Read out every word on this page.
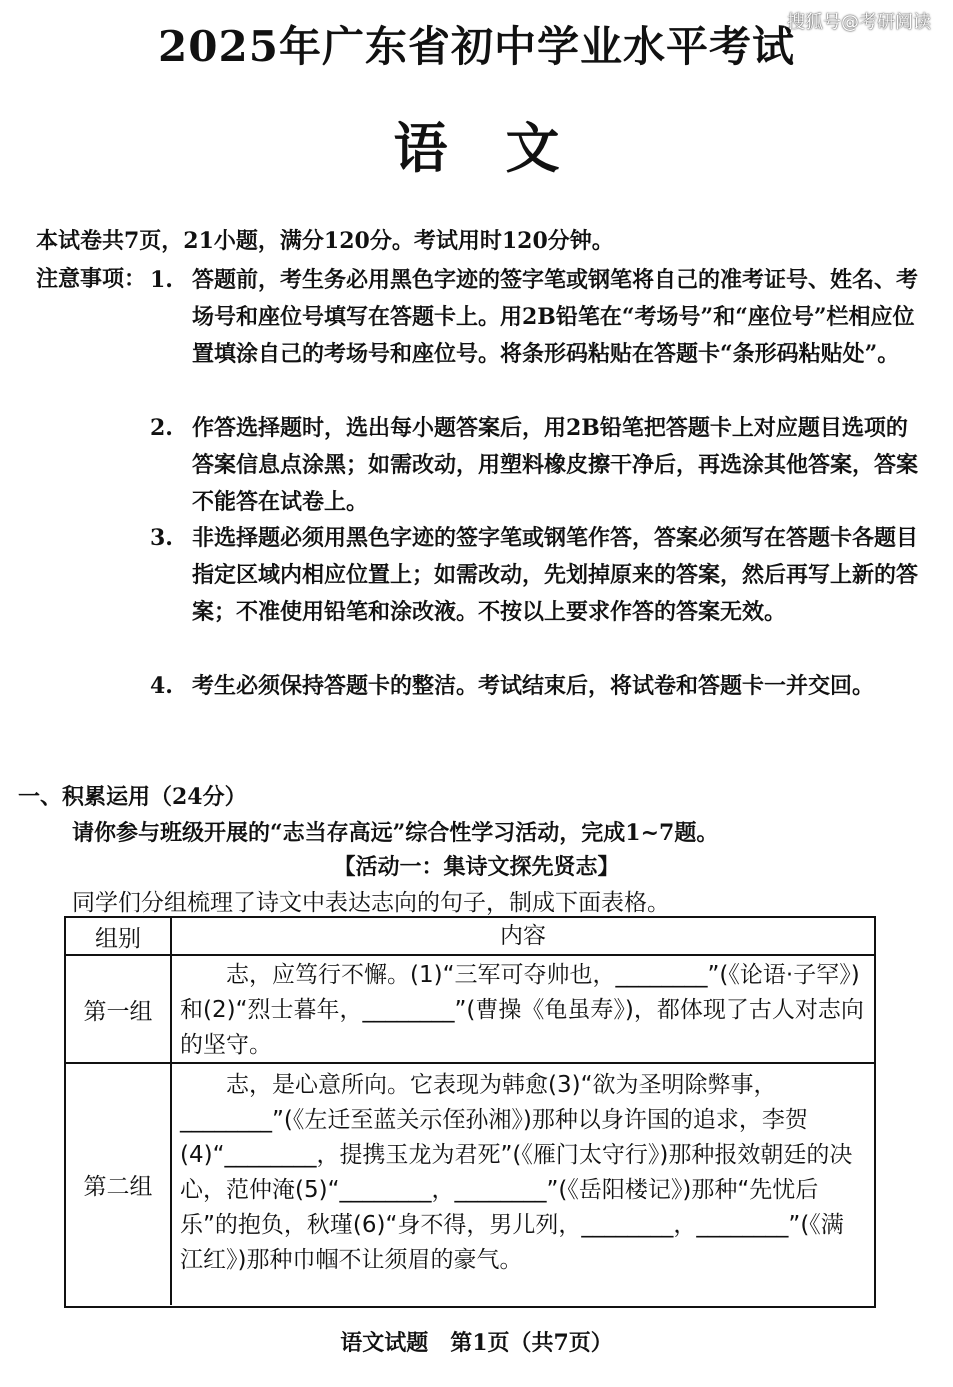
搜狐号@考研阅读
2025年广东省初中学业水平考试
语文
本试卷共7页，21小题，满分120分。考试用时120分钟。
注意事项： 1. 答题前，考生务必用黑色字迹的签字笔或钢笔将自己的准考证号、姓名、考场号和座位号填写在答题卡上。用2B铅笔在“考场号”和“座位号”栏相应位置填涂自己的考场号和座位号。将条形码粘贴在答题卡“条形码粘贴处”。
2. 作答选择题时，选出每小题答案后，用2B铅笔把答题卡上对应题目选项的答案信息点涂黑；如需改动，用塑料橡皮擦干净后，再选涂其他答案，答案不能答在试卷上。
3. 非选择题必须用黑色字迹的签字笔或钢笔作答，答案必须写在答题卡各题目指定区域内相应位置上；如需改动，先划掉原来的答案，然后再写上新的答案；不准使用铅笔和涂改液。不按以上要求作答的答案无效。
4. 考生必须保持答题卡的整洁。考试结束后，将试卷和答题卡一并交回。
一、积累运用（24分）
请你参与班级开展的“志当存高远”综合性学习活动，完成1~7题。
【活动一：集诗文探先贤志】
同学们分组梳理了诗文中表达志向的句子，制成下面表格。
组别	内容
第一组
　　志，应笃行不懈。(1)“三军可夺帅也，________”(《论语·子罕》)和(2)“烈士暮年，________”(曹操《龟虽寿》)，都体现了古人对志向的坚守。
第二组
　　志，是心意所向。它表现为韩愈(3)“欲为圣明除弊事，________”(《左迁至蓝关示侄孙湘》)那种以身许国的追求，李贺(4)“________，提携玉龙为君死”(《雁门太守行》)那种报效朝廷的决心，范仲淹(5)“________，________”(《岳阳楼记》)那种“先忧后乐”的抱负，秋瑾(6)“身不得，男儿列，________，________”(《满江红》)那种巾帼不让须眉的豪气。
语文试题　第1页（共7页）
